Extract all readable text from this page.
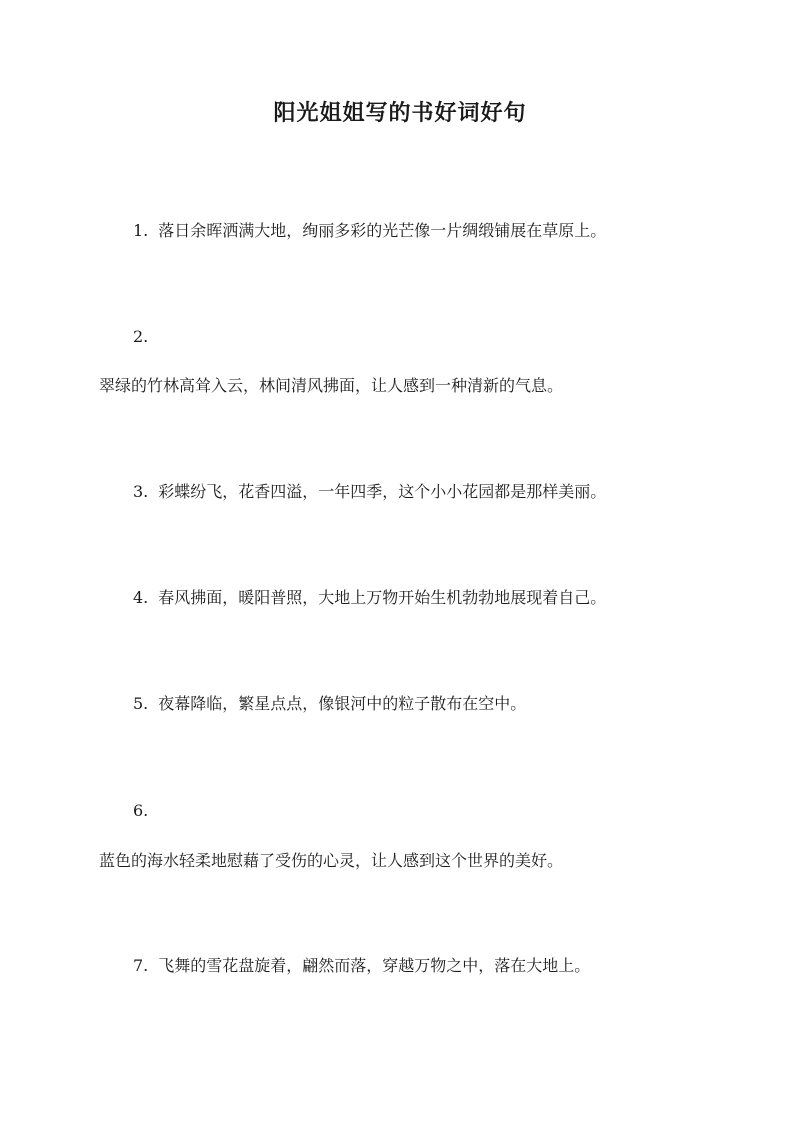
阳光姐姐写的书好词好句
1. 落日余晖洒满大地，绚丽多彩的光芒像一片绸缎铺展在草原上。
2.
翠绿的竹林高耸入云，林间清风拂面，让人感到一种清新的气息。
3. 彩蝶纷飞，花香四溢，一年四季，这个小小花园都是那样美丽。
4. 春风拂面，暖阳普照，大地上万物开始生机勃勃地展现着自己。
5. 夜幕降临，繁星点点，像银河中的粒子散布在空中。
6.
蓝色的海水轻柔地慰藉了受伤的心灵，让人感到这个世界的美好。
7. 飞舞的雪花盘旋着，翩然而落，穿越万物之中，落在大地上。
